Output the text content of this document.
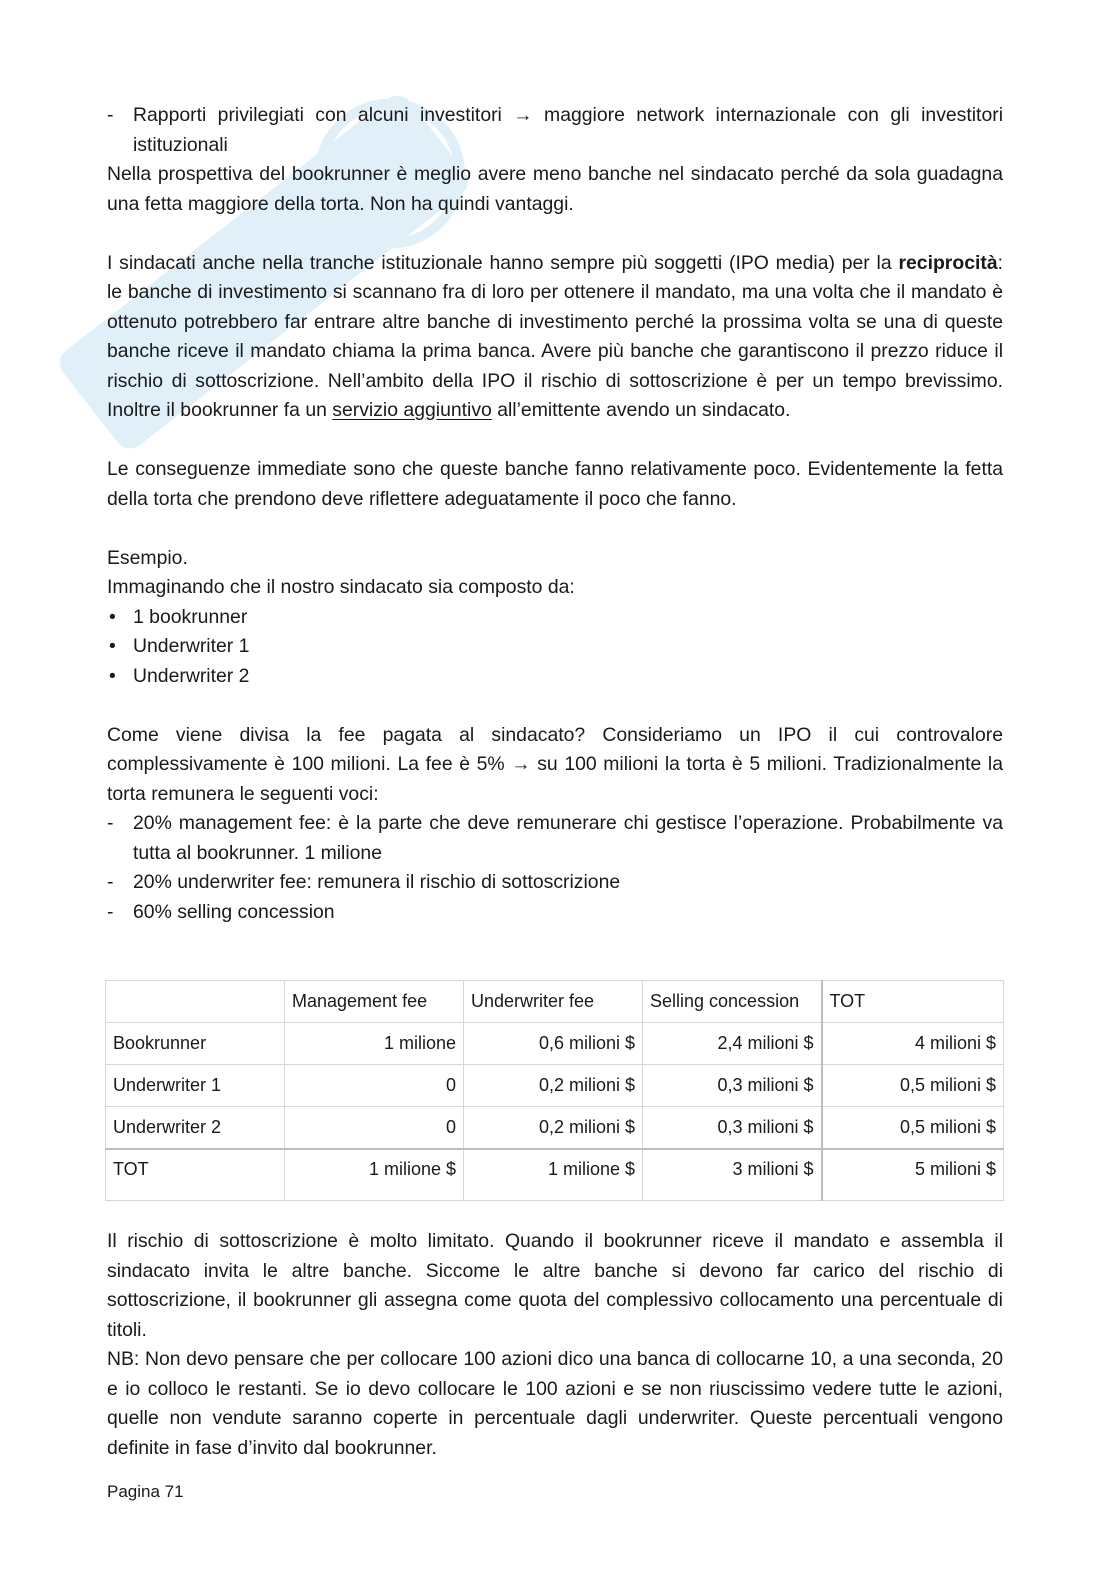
- Rapporti privilegiati con alcuni investitori → maggiore network internazionale con gli investitori istituzionali

Nella prospettiva del bookrunner è meglio avere meno banche nel sindacato perché da sola guadagna una fetta maggiore della torta. Non ha quindi vantaggi.

I sindacati anche nella tranche istituzionale hanno sempre più soggetti (IPO media) per la reciprocità: le banche di investimento si scannano fra di loro per ottenere il mandato, ma una volta che il mandato è ottenuto potrebbero far entrare altre banche di investimento perché la prossima volta se una di queste banche riceve il mandato chiama la prima banca. Avere più banche che garantiscono il prezzo riduce il rischio di sottoscrizione. Nell’ambito della IPO il rischio di sottoscrizione è per un tempo brevissimo. Inoltre il bookrunner fa un servizio aggiuntivo all’emittente avendo un sindacato.

Le conseguenze immediate sono che queste banche fanno relativamente poco. Evidentemente la fetta della torta che prendono deve riflettere adeguatamente il poco che fanno.

Esempio.

Immaginando che il nostro sindacato sia composto da:

• 1 bookrunner
• Underwriter 1
• Underwriter 2

Come viene divisa la fee pagata al sindacato? Consideriamo un IPO il cui controvalore complessivamente è 100 milioni. La fee è 5% → su 100 milioni la torta è 5 milioni. Tradizionalmente la torta remunera le seguenti voci:

- 20% management fee: è la parte che deve remunerare chi gestisce l’operazione. Probabilmente va tutta al bookrunner. 1 milione
- 20% underwriter fee: remunera il rischio di sottoscrizione
- 60% selling concession
	Management fee	Underwriter fee	Selling concession	TOT
Bookrunner	1 milione	0,6 milioni $	2,4 milioni $	4 milioni $
Underwriter 1	0	0,2 milioni $	0,3 milioni $	0,5 milioni $
Underwriter 2	0	0,2 milioni $	0,3 milioni $	0,5 milioni $
TOT	1 milione $	1 milione $	3 milioni $	5 milioni $

Il rischio di sottoscrizione è molto limitato. Quando il bookrunner riceve il mandato e assembla il sindacato invita le altre banche. Siccome le altre banche si devono far carico del rischio di sottoscrizione, il bookrunner gli assegna come quota del complessivo collocamento una percentuale di titoli.

NB: Non devo pensare che per collocare 100 azioni dico una banca di collocarne 10, a una seconda, 20 e io colloco le restanti. Se io devo collocare le 100 azioni e se non riuscissimo vedere tutte le azioni, quelle non vendute saranno coperte in percentuale dagli underwriter. Queste percentuali vengono definite in fase d’invito dal bookrunner.

Pagina 71
